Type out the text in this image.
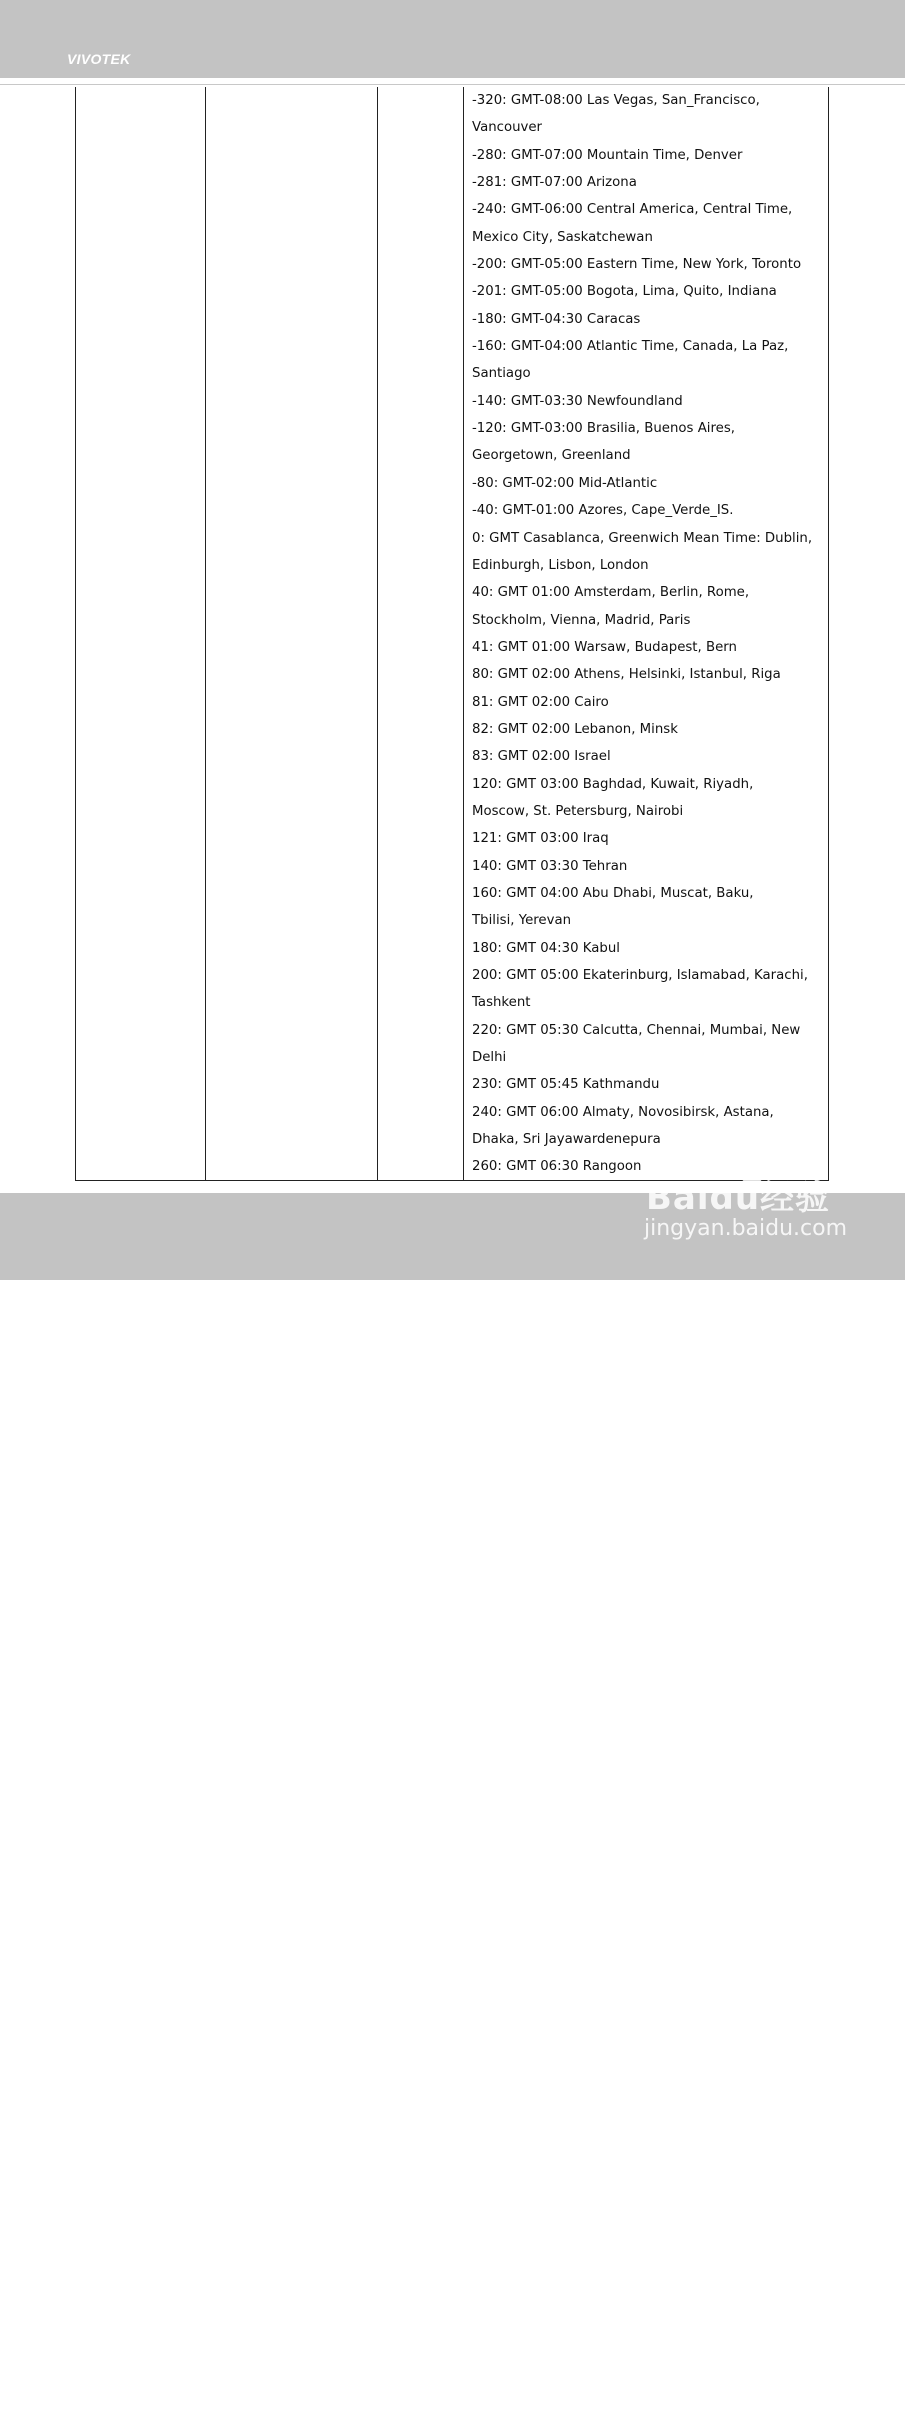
VIVOTEK
-320: GMT-08:00 Las Vegas, San_Francisco,
Vancouver
-280: GMT-07:00 Mountain Time, Denver
-281: GMT-07:00 Arizona
-240: GMT-06:00 Central America, Central Time,
Mexico City, Saskatchewan
-200: GMT-05:00 Eastern Time, New York, Toronto
-201: GMT-05:00 Bogota, Lima, Quito, Indiana
-180: GMT-04:30 Caracas
-160: GMT-04:00 Atlantic Time, Canada, La Paz,
Santiago
-140: GMT-03:30 Newfoundland
-120: GMT-03:00 Brasilia, Buenos Aires,
Georgetown, Greenland
-80: GMT-02:00 Mid-Atlantic
-40: GMT-01:00 Azores, Cape_Verde_IS.
0: GMT Casablanca, Greenwich Mean Time: Dublin,
Edinburgh, Lisbon, London
40: GMT 01:00 Amsterdam, Berlin, Rome,
Stockholm, Vienna, Madrid, Paris
41: GMT 01:00 Warsaw, Budapest, Bern
80: GMT 02:00 Athens, Helsinki, Istanbul, Riga
81: GMT 02:00 Cairo
82: GMT 02:00 Lebanon, Minsk
83: GMT 02:00 Israel
120: GMT 03:00 Baghdad, Kuwait, Riyadh,
Moscow, St. Petersburg, Nairobi
121: GMT 03:00 Iraq
140: GMT 03:30 Tehran
160: GMT 04:00 Abu Dhabi, Muscat, Baku,
Tbilisi, Yerevan
180: GMT 04:30 Kabul
200: GMT 05:00 Ekaterinburg, Islamabad, Karachi,
Tashkent
220: GMT 05:30 Calcutta, Chennai, Mumbai, New
Delhi
230: GMT 05:45 Kathmandu
240: GMT 06:00 Almaty, Novosibirsk, Astana,
Dhaka, Sri Jayawardenepura
260: GMT 06:30 Rangoon
118 - User's Manual
Baidu经验
jingyan.baidu.com
